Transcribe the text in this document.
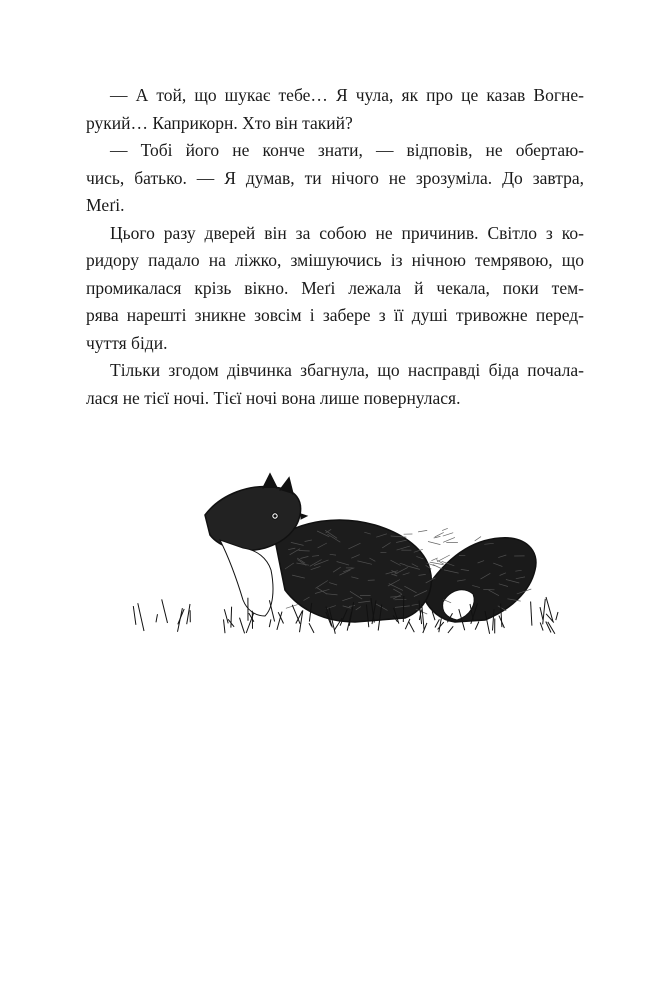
— А той, що шукає тебе… Я чула, як про це казав Вогне-
рукий… Каприкорн. Хто він такий?
— Тобі його не конче знати, — відповів, не обертаю-
чись, батько. — Я думав, ти нічого не зрозуміла. До завтра,
Меґі.
Цього разу дверей він за собою не причинив. Світло з ко-
ридору падало на ліжко, змішуючись із нічною темрявою, що
промикалася крізь вікно. Меґі лежала й чекала, поки тем-
рява нарешті зникне зовсім і забере з її душі тривожне перед-
чуття біди.
Тільки згодом дівчинка збагнула, що насправді біда почала-
лася не тієї ночі. Тієї ночі вона лише повернулася.
